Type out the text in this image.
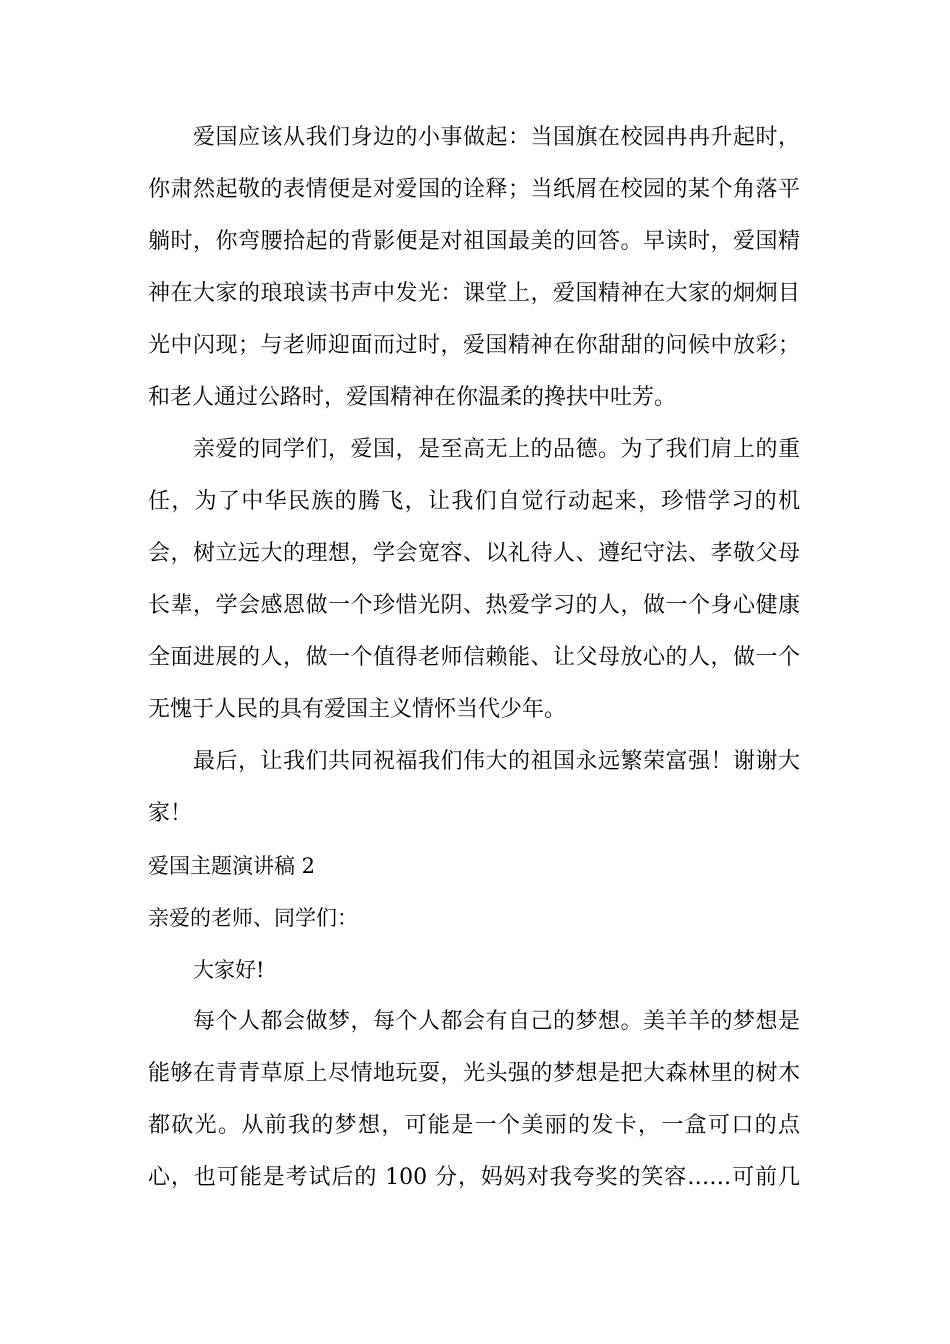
爱国应该从我们身边的小事做起：当国旗在校园冉冉升起时，
你肃然起敬的表情便是对爱国的诠释；当纸屑在校园的某个角落平
躺时，你弯腰拾起的背影便是对祖国最美的回答。早读时，爱国精
神在大家的琅琅读书声中发光：课堂上，爱国精神在大家的炯炯目
光中闪现；与老师迎面而过时，爱国精神在你甜甜的问候中放彩；
和老人通过公路时，爱国精神在你温柔的搀扶中吐芳。
亲爱的同学们，爱国，是至高无上的品德。为了我们肩上的重
任，为了中华民族的腾飞，让我们自觉行动起来，珍惜学习的机
会，树立远大的理想，学会宽容、以礼待人、遵纪守法、孝敬父母
长辈，学会感恩做一个珍惜光阴、热爱学习的人，做一个身心健康
全面进展的人，做一个值得老师信赖能、让父母放心的人，做一个
无愧于人民的具有爱国主义情怀当代少年。
最后，让我们共同祝福我们伟大的祖国永远繁荣富强！谢谢大
家！
爱国主题演讲稿 2
亲爱的老师、同学们：
大家好!
每个人都会做梦，每个人都会有自己的梦想。美羊羊的梦想是
能够在青青草原上尽情地玩耍，光头强的梦想是把大森林里的树木
都砍光。从前我的梦想，可能是一个美丽的发卡，一盒可口的点
心，也可能是考试后的 100 分，妈妈对我夸奖的笑容……可前几
